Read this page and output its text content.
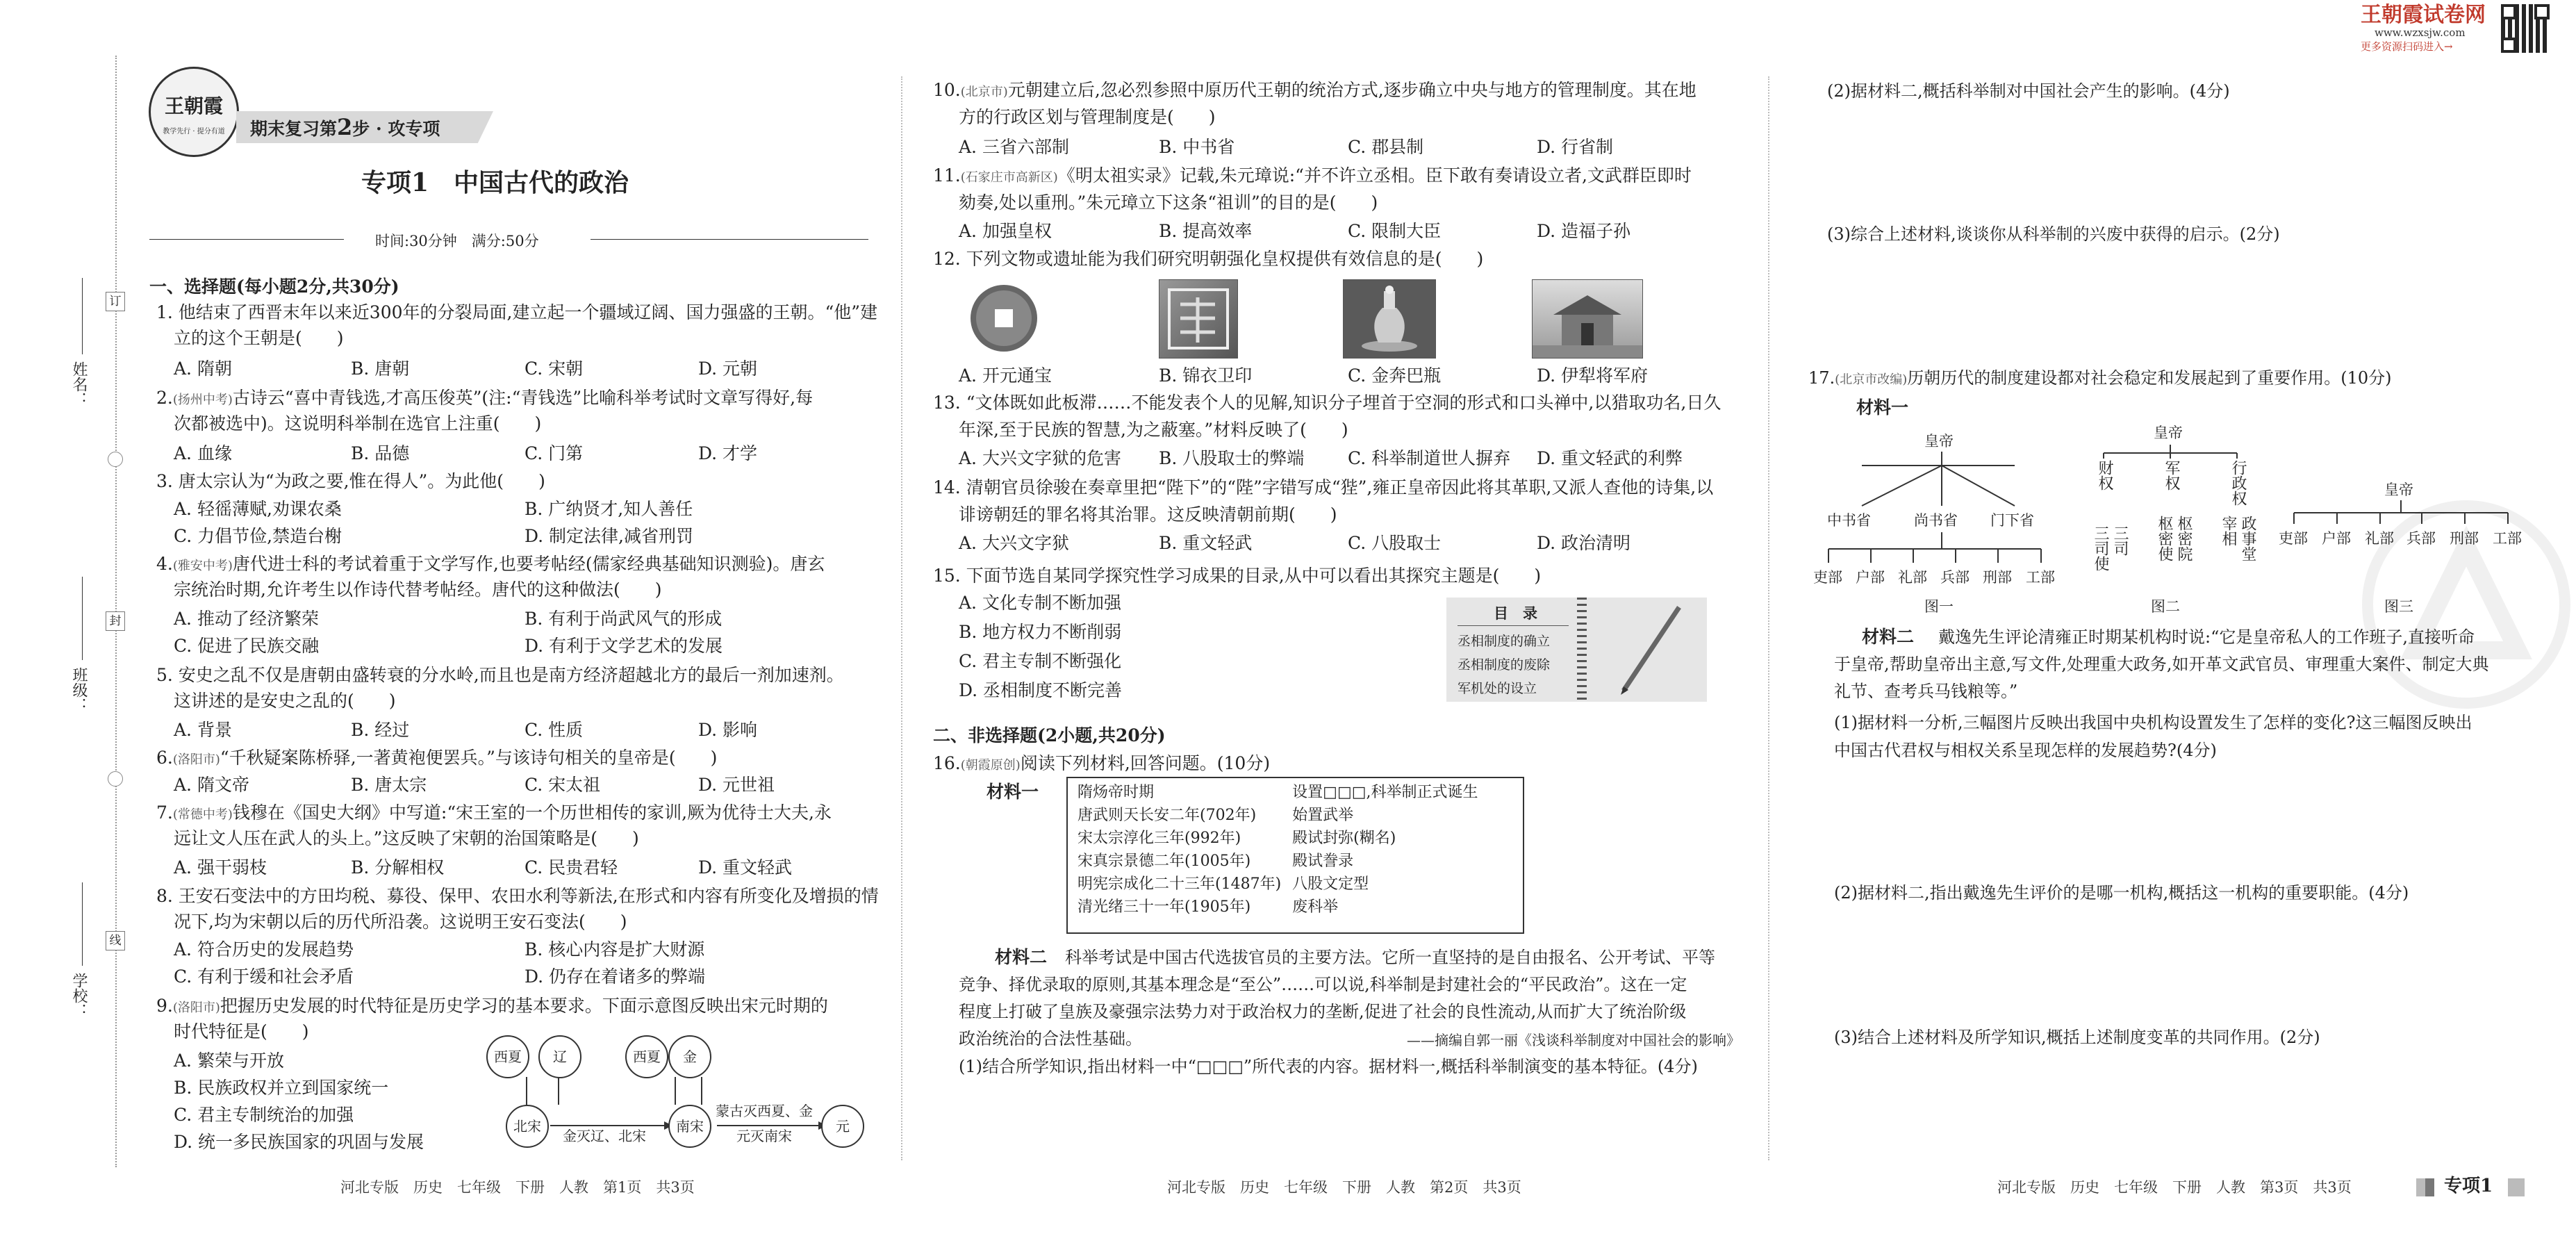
姓名：
班级：
学校：
订
封
线
王朝霞
教学先行 · 提分有道	期末复习第2步 · 攻专项
专项1　中国古代的政治
时间:30分钟　满分:50分
一、选择题(每小题2分,共30分)
1. 他结束了西晋末年以来近300年的分裂局面,建立起一个疆域辽阔、国力强盛的王朝。“他”建
立的这个王朝是(　　)
A. 隋朝	B. 唐朝	C. 宋朝	D. 元朝
2.(扬州中考)古诗云“喜中青钱选,才高压俊英”(注:“青钱选”比喻科举考试时文章写得好,每
次都被选中)。这说明科举制在选官上注重(　　)
A. 血缘	B. 品德	C. 门第	D. 才学
3. 唐太宗认为“为政之要,惟在得人”。为此他(　　)
A. 轻徭薄赋,劝课农桑	B. 广纳贤才,知人善任
C. 力倡节俭,禁造台榭	D. 制定法律,减省刑罚
4.(雅安中考)唐代进士科的考试着重于文学写作,也要考帖经(儒家经典基础知识测验)。唐玄
宗统治时期,允许考生以作诗代替考帖经。唐代的这种做法(　　)
A. 推动了经济繁荣	B. 有利于尚武风气的形成
C. 促进了民族交融	D. 有利于文学艺术的发展
5. 安史之乱不仅是唐朝由盛转衰的分水岭,而且也是南方经济超越北方的最后一剂加速剂。
这讲述的是安史之乱的(　　)
A. 背景	B. 经过	C. 性质	D. 影响
6.(洛阳市)“千秋疑案陈桥驿,一著黄袍便罢兵。”与该诗句相关的皇帝是(　　)
A. 隋文帝	B. 唐太宗	C. 宋太祖	D. 元世祖
7.(常德中考)钱穆在《国史大纲》中写道:“宋王室的一个历世相传的家训,厥为优待士大夫,永
远让文人压在武人的头上。”这反映了宋朝的治国策略是(　　)
A. 强干弱枝	B. 分解相权	C. 民贵君轻	D. 重文轻武
8. 王安石变法中的方田均税、募役、保甲、农田水利等新法,在形式和内容有所变化及增损的情
况下,均为宋朝以后的历代所沿袭。这说明王安石变法(　　)
A. 符合历史的发展趋势	B. 核心内容是扩大财源
C. 有利于缓和社会矛盾	D. 仍存在着诸多的弊端
9.(洛阳市)把握历史发展的时代特征是历史学习的基本要求。下面示意图反映出宋元时期的
时代特征是(　　)
A. 繁荣与开放
B. 民族政权并立到国家统一
C. 君主专制统治的加强
D. 统一多民族国家的巩固与发展
西夏	辽	西夏	金
北宋	南宋	元
金灭辽、北宋
蒙古灭西夏、金
元灭南宋
河北专版　历史　七年级　下册　人教　第1页　共3页
10.(北京市)元朝建立后,忽必烈参照中原历代王朝的统治方式,逐步确立中央与地方的管理制度。其在地
方的行政区划与管理制度是(　　)
A. 三省六部制	B. 中书省	C. 郡县制	D. 行省制
11.(石家庄市高新区)《明太祖实录》记载,朱元璋说:“并不许立丞相。臣下敢有奏请设立者,文武群臣即时
劾奏,处以重刑。”朱元璋立下这条“祖训”的目的是(　　)
A. 加强皇权	B. 提高效率	C. 限制大臣	D. 造福子孙
12. 下列文物或遗址能为我们研究明朝强化皇权提供有效信息的是(　　)
A. 开元通宝	B. 锦衣卫印	C. 金奔巴瓶	D. 伊犁将军府
13. “文体既如此板滞……不能发表个人的见解,知识分子埋首于空洞的形式和口头禅中,以猎取功名,日久
年深,至于民族的智慧,为之蔽塞。”材料反映了(　　)
A. 大兴文字狱的危害 B. 八股取士的弊端	C. 科举制道世人摒弃 D. 重文轻武的利弊
14. 清朝官员徐骏在奏章里把“陛下”的“陛”字错写成“狴”,雍正皇帝因此将其革职,又派人查他的诗集,以
诽谤朝廷的罪名将其治罪。这反映清朝前期(　　)
A. 大兴文字狱	B. 重文轻武	C. 八股取士	D. 政治清明
15. 下面节选自某同学探究性学习成果的目录,从中可以看出其探究主题是(　　)
A. 文化专制不断加强
B. 地方权力不断削弱
C. 君主专制不断强化
D. 丞相制度不断完善
目　录
丞相制度的确立
丞相制度的废除
军机处的设立
二、非选择题(2小题,共20分)
16.(朝霞原创)阅读下列材料,回答问题。(10分)
材料一	隋炀帝时期	设置□□□,科举制正式诞生
唐武则天长安二年(702年)	始置武举
宋太宗淳化三年(992年)	殿试封弥(糊名)
宋真宗景德二年(1005年)	殿试誊录
明宪宗成化二十三年(1487年)	八股文定型
清光绪三十一年(1905年)	废科举
材料二 科举考试是中国古代选拔官员的主要方法。它所一直坚持的是自由报名、公开考试、平等
竞争、择优录取的原则,其基本理念是“至公”……可以说,科举制是封建社会的“平民政治”。这在一定
程度上打破了皇族及豪强宗法势力对于政治权力的垄断,促进了社会的良性流动,从而扩大了统治阶级
政治统治的合法性基础。	——摘编自郭一丽《浅谈科举制度对中国社会的影响》
(1)结合所学知识,指出材料一中“□□□”所代表的内容。据材料一,概括科举制演变的基本特征。(4分)
河北专版　历史　七年级　下册　人教　第2页　共3页
(2)据材料二,概括科举制对中国社会产生的影响。(4分)
(3)综合上述材料,谈谈你从科举制的兴废中获得的启示。(2分)
17.(北京市改编)历朝历代的制度建设都对社会稳定和发展起到了重要作用。(10分)
材料一
皇帝
中书省	尚书省 门下省
吏部 户部 礼部 兵部 刑部 工部
图一
皇帝
财权
三司
三司使
军权
枢密院
枢密使
行政权
政事堂
宰相
图二
皇帝
吏部 户部 礼部 兵部 刑部 工部
图三
材料二 戴逸先生评论清雍正时期某机构时说:“它是皇帝私人的工作班子,直接听命
于皇帝,帮助皇帝出主意,写文件,处理重大政务,如开革文武官员、审理重大案件、制定大典
礼节、查考兵马钱粮等。”
(1)据材料一分析,三幅图片反映出我国中央机构设置发生了怎样的变化?这三幅图反映出
中国古代君权与相权关系呈现怎样的发展趋势?(4分)
(2)据材料二,指出戴逸先生评价的是哪一机构,概括这一机构的重要职能。(4分)
(3)结合上述材料及所学知识,概括上述制度变革的共同作用。(2分)
王朝霞试卷网
www.wzxsjw.com
更多资源扫码进入→
河北专版　历史　七年级　下册　人教　第3页　共3页	专项1
